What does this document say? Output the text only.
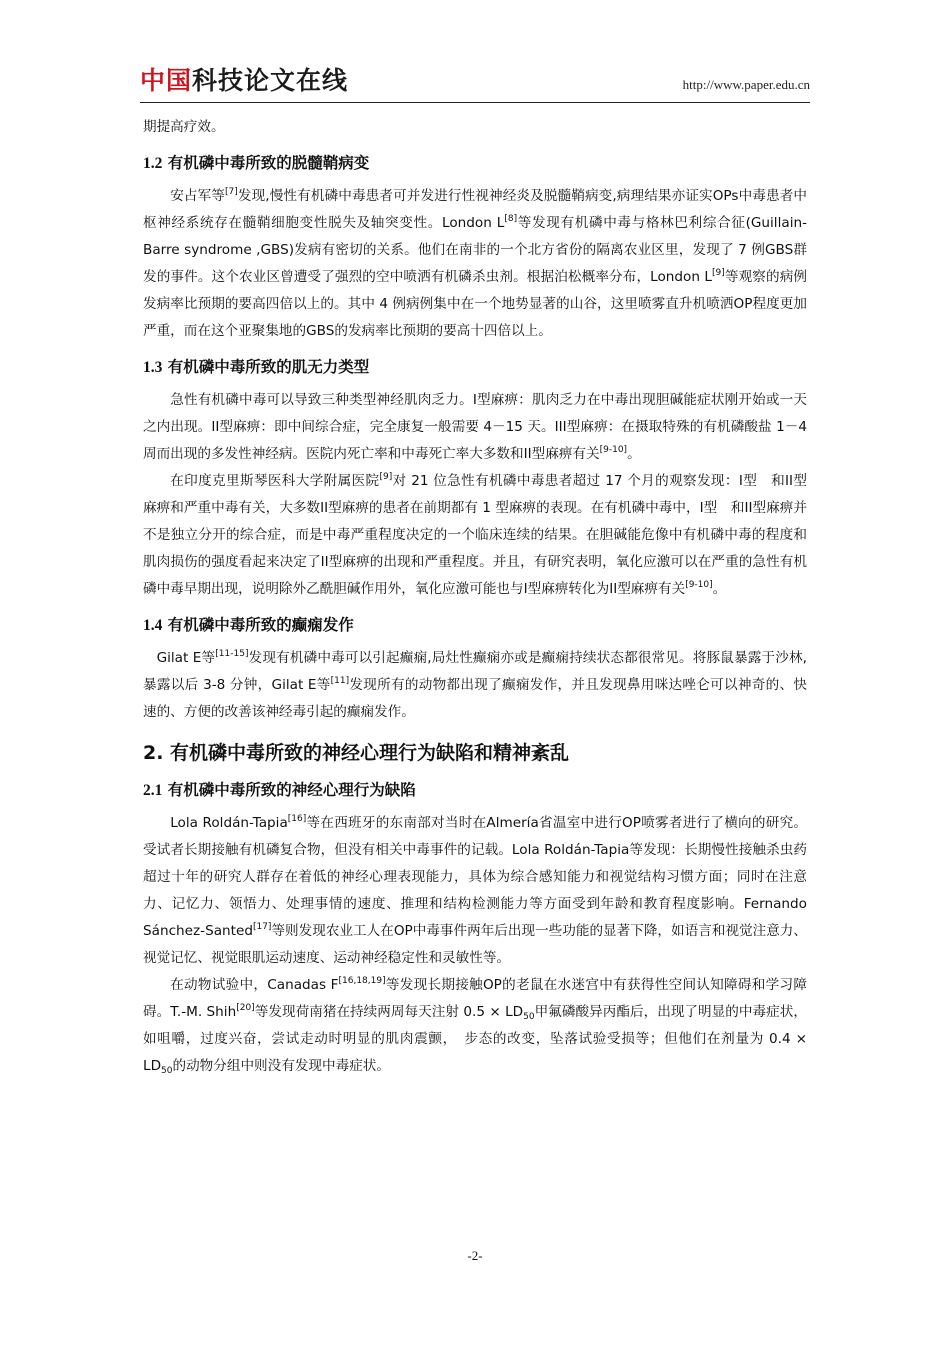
中国科技论文在线	http://www.paper.edu.cn

期提高疗效。

1.2 有机磷中毒所致的脱髓鞘病变

安占军等[7]发现,慢性有机磷中毒患者可并发进行性视神经炎及脱髓鞘病变,病理结果亦证实OPs中毒患者中枢神经系统存在髓鞘细胞变性脱失及轴突变性。London L[8]等发现有机磷中毒与格林巴利综合征(Guillain-Barre syndrome ,GBS)发病有密切的关系。他们在南非的一个北方省份的隔离农业区里，发现了 7 例GBS群发的事件。这个农业区曾遭受了强烈的空中喷洒有机磷杀虫剂。根据泊松概率分布，London L[9]等观察的病例发病率比预期的要高四倍以上的。其中 4 例病例集中在一个地势显著的山谷，这里喷雾直升机喷洒OP程度更加严重，而在这个亚聚集地的GBS的发病率比预期的要高十四倍以上。

1.3 有机磷中毒所致的肌无力类型

急性有机磷中毒可以导致三种类型神经肌肉乏力。I型麻痹：肌肉乏力在中毒出现胆碱能症状刚开始或一天之内出现。II型麻痹：即中间综合症，完全康复一般需要 4－15 天。III型麻痹：在摄取特殊的有机磷酸盐 1－4 周而出现的多发性神经病。医院内死亡率和中毒死亡率大多数和II型麻痹有关[9-10]。

在印度克里斯琴医科大学附属医院[9]对 21 位急性有机磷中毒患者超过 17 个月的观察发现：I型　和II型　麻痹和严重中毒有关，大多数II型麻痹的患者在前期都有 1 型麻痹的表现。在有机磷中毒中，I型　和II型麻痹并不是独立分开的综合症，而是中毒严重程度决定的一个临床连续的结果。在胆碱能危像中有机磷中毒的程度和肌肉损伤的强度看起来决定了II型麻痹的出现和严重程度。并且，有研究表明，氧化应激可以在严重的急性有机磷中毒早期出现，说明除外乙酰胆碱作用外，氧化应激可能也与I型麻痹转化为II型麻痹有关[9-10]。

1.4 有机磷中毒所致的癫痫发作

Gilat E等[11-15]发现有机磷中毒可以引起癫痫,局灶性癫痫亦或是癫痫持续状态都很常见。将豚鼠暴露于沙林,暴露以后 3-8 分钟，Gilat E等[11]发现所有的动物都出现了癫痫发作，并且发现鼻用咪达唑仑可以神奇的、快速的、方便的改善该神经毒引起的癫痫发作。

2. 有机磷中毒所致的神经心理行为缺陷和精神紊乱
2.1 有机磷中毒所致的神经心理行为缺陷

Lola Roldán-Tapia[16]等在西班牙的东南部对当时在Almería省温室中进行OP喷雾者进行了横向的研究。受试者长期接触有机磷复合物，但没有相关中毒事件的记载。Lola Roldán-Tapia等发现：长期慢性接触杀虫药超过十年的研究人群存在着低的神经心理表现能力，具体为综合感知能力和视觉结构习惯方面；同时在注意力、记忆力、领悟力、处理事情的速度、推理和结构检测能力等方面受到年龄和教育程度影响。Fernando Sánchez-Santed[17]等则发现农业工人在OP中毒事件两年后出现一些功能的显著下降，如语言和视觉注意力、视觉记忆、视觉眼肌运动速度、运动神经稳定性和灵敏性等。

在动物试验中，Canadas F[16,18,19]等发现长期接触OP的老鼠在水迷宫中有获得性空间认知障碍和学习障碍。T.-M. Shih[20]等发现荷南猪在持续两周每天注射 $0.5 \times LD_{50}$甲氟磷酸异丙酯后，出现了明显的中毒症状，如咀嚼，过度兴奋，尝试走动时明显的肌肉震颤，　步态的改变，坠落试验受损等；但他们在剂量为 $0.4 \times LD_{50}$的动物分组中则没有发现中毒症状。

-2-
